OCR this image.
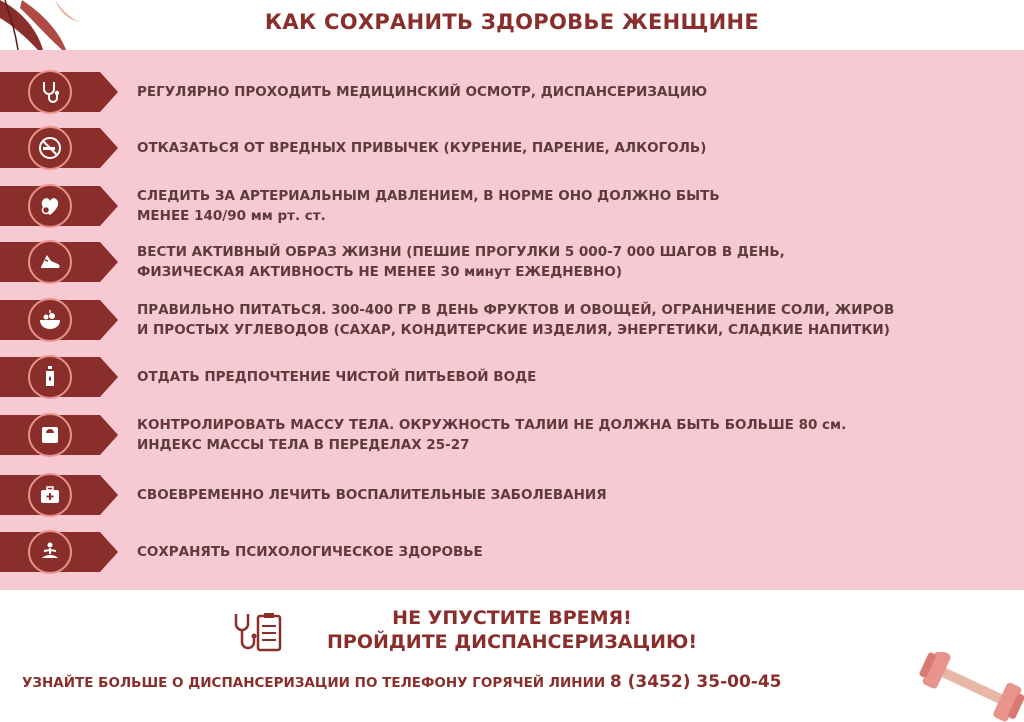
КАК СОХРАНИТЬ ЗДОРОВЬЕ ЖЕНЩИНЕ
РЕГУЛЯРНО ПРОХОДИТЬ МЕДИЦИНСКИЙ ОСМОТР, ДИСПАНСЕРИЗАЦИЮ
ОТКАЗАТЬСЯ ОТ ВРЕДНЫХ ПРИВЫЧЕК (КУРЕНИЕ, ПАРЕНИЕ, АЛКОГОЛЬ)
СЛЕДИТЬ ЗА АРТЕРИАЛЬНЫМ ДАВЛЕНИЕМ, В НОРМЕ ОНО ДОЛЖНО БЫТЬ
МЕНЕЕ 140/90 мм рт. ст.
ВЕСТИ АКТИВНЫЙ ОБРАЗ ЖИЗНИ (ПЕШИЕ ПРОГУЛКИ 5 000-7 000 ШАГОВ В ДЕНЬ,
ФИЗИЧЕСКАЯ АКТИВНОСТЬ НЕ МЕНЕЕ 30 минут ЕЖЕДНЕВНО)
ПРАВИЛЬНО ПИТАТЬСЯ. 300-400 ГР В ДЕНЬ ФРУКТОВ И ОВОЩЕЙ, ОГРАНИЧЕНИЕ СОЛИ, ЖИРОВ
И ПРОСТЫХ УГЛЕВОДОВ (САХАР, КОНДИТЕРСКИЕ ИЗДЕЛИЯ, ЭНЕРГЕТИКИ, СЛАДКИЕ НАПИТКИ)
ОТДАТЬ ПРЕДПОЧТЕНИЕ ЧИСТОЙ ПИТЬЕВОЙ ВОДЕ
КОНТРОЛИРОВАТЬ МАССУ ТЕЛА. ОКРУЖНОСТЬ ТАЛИИ НЕ ДОЛЖНА БЫТЬ БОЛЬШЕ 80 см.
ИНДЕКС МАССЫ ТЕЛА В ПЕРЕДЕЛАХ 25-27
СВОЕВРЕМЕННО ЛЕЧИТЬ ВОСПАЛИТЕЛЬНЫЕ ЗАБОЛЕВАНИЯ
СОХРАНЯТЬ ПСИХОЛОГИЧЕСКОЕ ЗДОРОВЬЕ
НЕ УПУСТИТЕ ВРЕМЯ!
ПРОЙДИТЕ ДИСПАНСЕРИЗАЦИЮ!
УЗНАЙТЕ БОЛЬШЕ О ДИСПАНСЕРИЗАЦИИ ПО ТЕЛЕФОНУ ГОРЯЧЕЙ ЛИНИИ 8 (3452) 35-00-45
